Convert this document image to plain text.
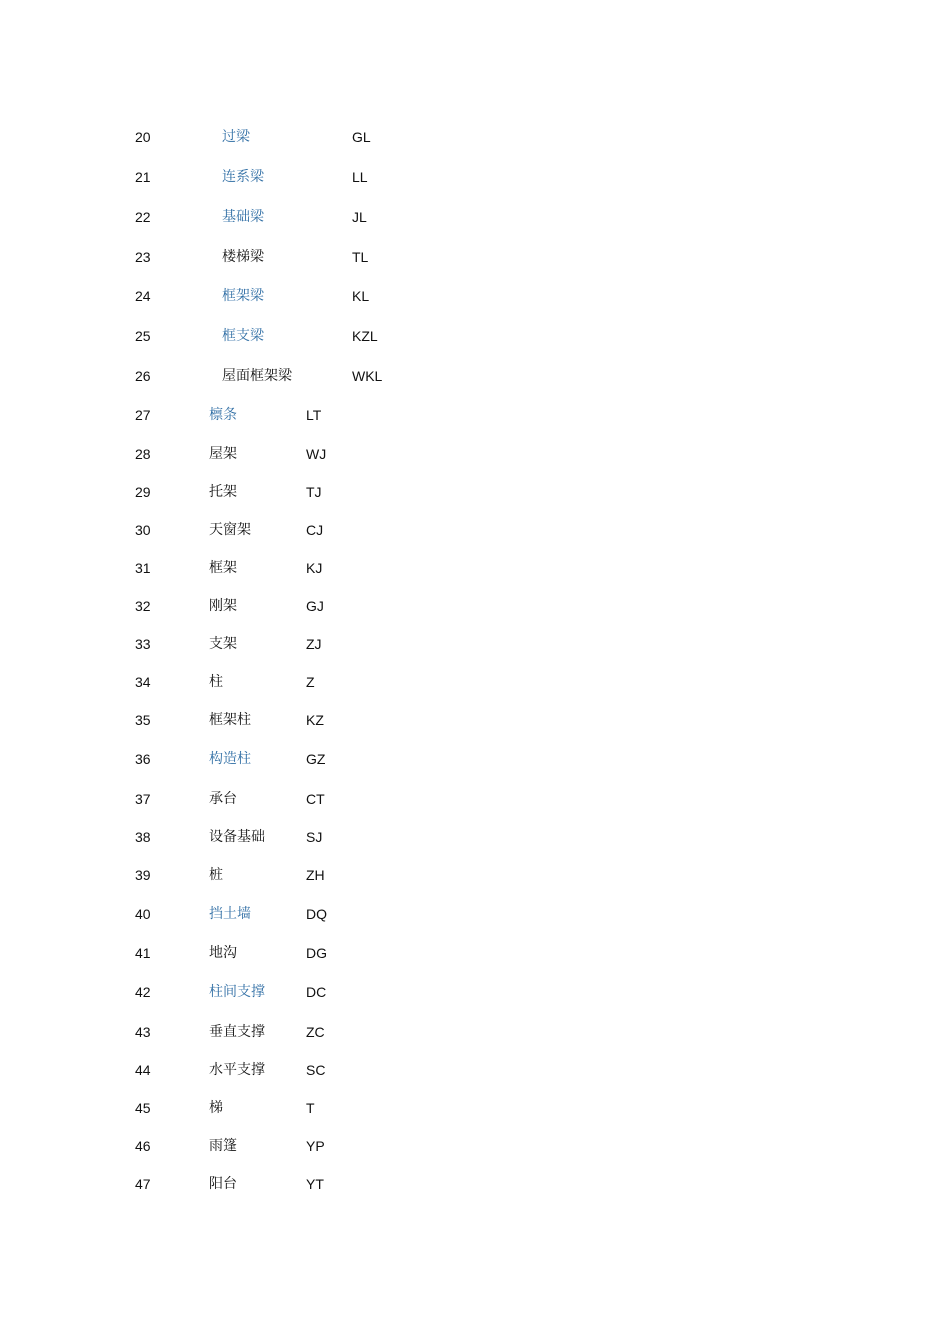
20	过梁	GL
21	连系梁	LL
22	基础梁	JL
23	楼梯梁	TL
24	框架梁	KL
25	框支梁	KZL
26	屋面框架梁	WKL
27	檩条	LT
28	屋架	WJ
29	托架	TJ
30	天窗架	CJ
31	框架	KJ
32	刚架	GJ
33	支架	ZJ
34	柱	Z
35	框架柱	KZ
36	构造柱	GZ
37	承台	CT
38	设备基础	SJ
39	桩	ZH
40	挡土墙	DQ
41	地沟	DG
42	柱间支撑	DC
43	垂直支撑	ZC
44	水平支撑	SC
45	梯	T
46	雨篷	YP
47	阳台	YT
